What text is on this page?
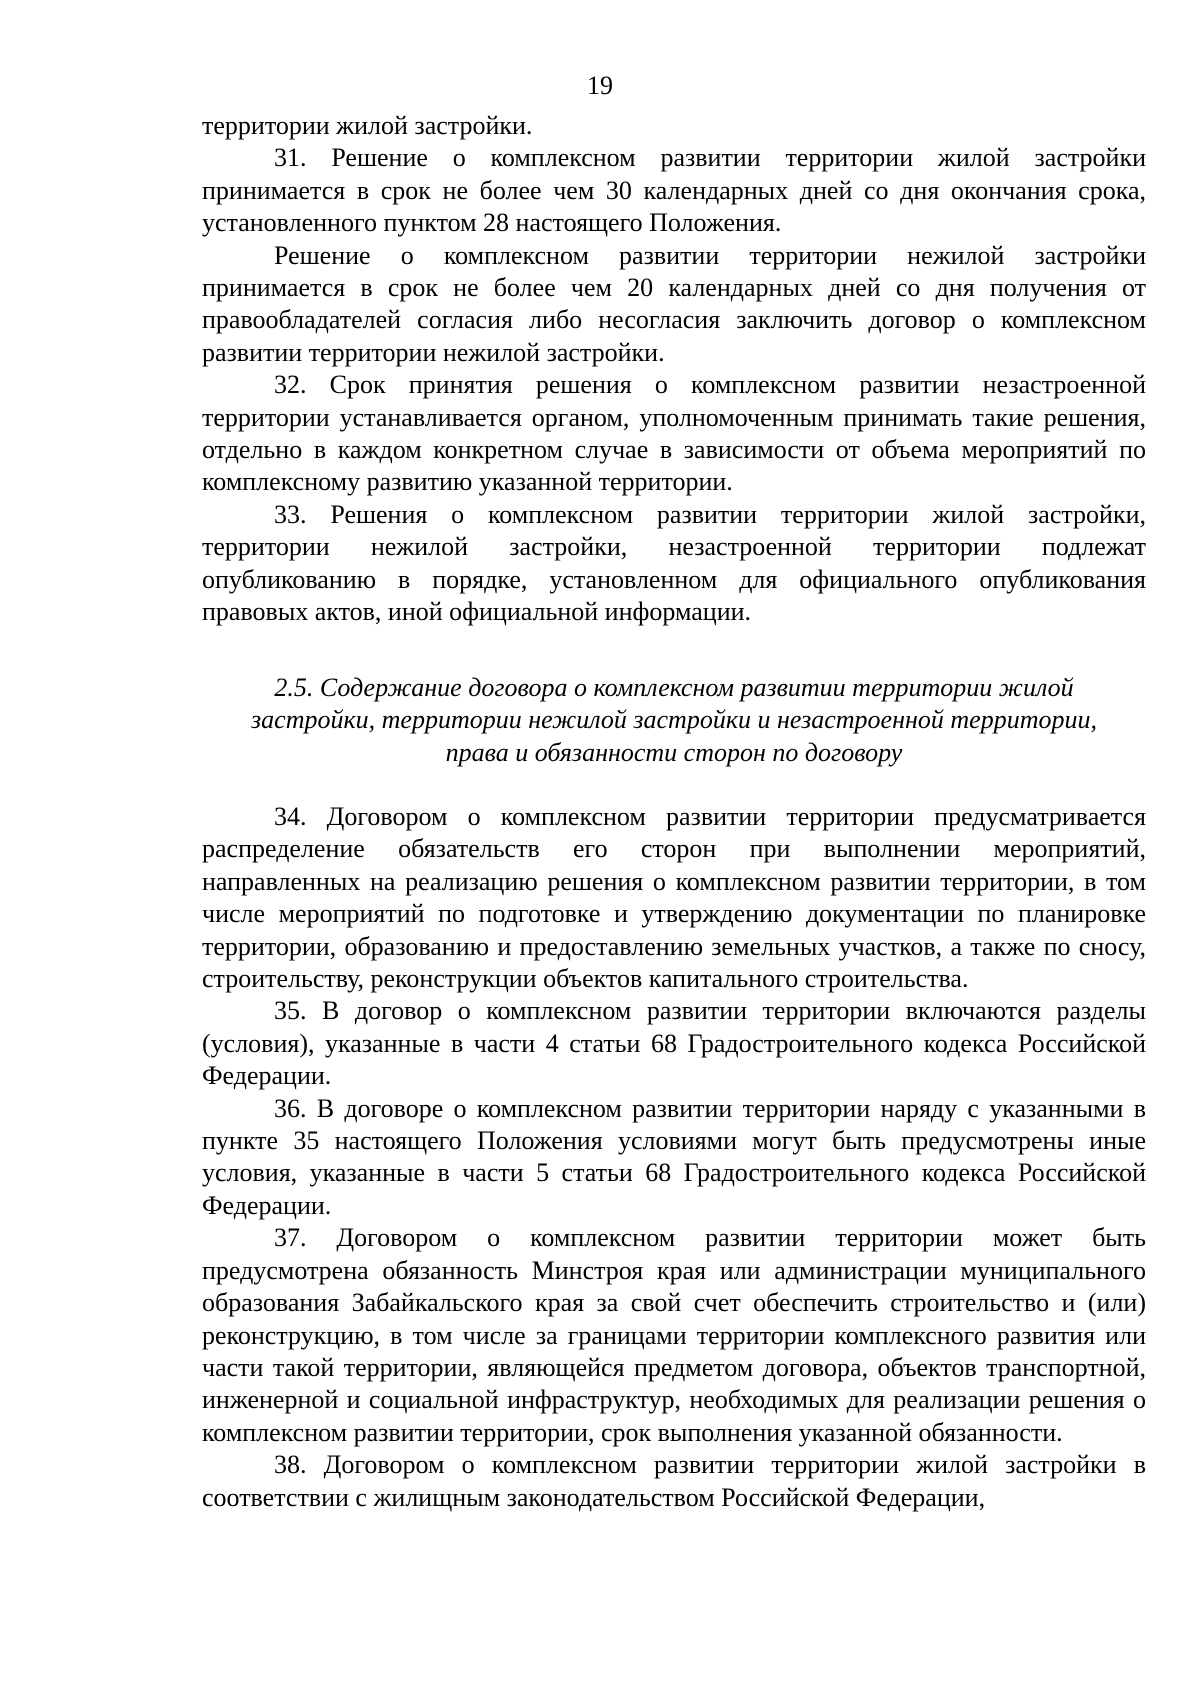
19

территории жилой застройки.

31. Решение о комплексном развитии территории жилой застройки принимается в срок не более чем 30 календарных дней со дня окончания срока, установленного пунктом 28 настоящего Положения.

Решение о комплексном развитии территории нежилой застройки принимается в срок не более чем 20 календарных дней со дня получения от правообладателей согласия либо несогласия заключить договор о комплексном развитии территории нежилой застройки.

32. Срок принятия решения о комплексном развитии незастроенной территории устанавливается органом, уполномоченным принимать такие решения, отдельно в каждом конкретном случае в зависимости от объема мероприятий по комплексному развитию указанной территории.

33. Решения о комплексном развитии территории жилой застройки, территории нежилой застройки, незастроенной территории подлежат опубликованию в порядке, установленном для официального опубликования правовых актов, иной официальной информации.

2.5. Содержание договора о комплексном развитии территории жилой

застройки, территории нежилой застройки и незастроенной территории,

права и обязанности сторон по договору

34. Договором о комплексном развитии территории предусматривается распределение обязательств его сторон при выполнении мероприятий, направленных на реализацию решения о комплексном развитии территории, в том числе мероприятий по подготовке и утверждению документации по планировке территории, образованию и предоставлению земельных участков, а также по сносу, строительству, реконструкции объектов капитального строительства.

35. В договор о комплексном развитии территории включаются разделы (условия), указанные в части 4 статьи 68 Градостроительного кодекса Российской Федерации.

36. В договоре о комплексном развитии территории наряду с указанными в пункте 35 настоящего Положения условиями могут быть предусмотрены иные условия, указанные в части 5 статьи 68 Градостроительного кодекса Российской Федерации.

37. Договором о комплексном развитии территории может быть предусмотрена обязанность Минстроя края или администрации муниципального образования Забайкальского края за свой счет обеспечить строительство и (или) реконструкцию, в том числе за границами территории комплексного развития или части такой территории, являющейся предметом договора, объектов транспортной, инженерной и социальной инфраструктур, необходимых для реализации решения о комплексном развитии территории, срок выполнения указанной обязанности.

38. Договором о комплексном развитии территории жилой застройки в соответствии с жилищным законодательством Российской Федерации,
